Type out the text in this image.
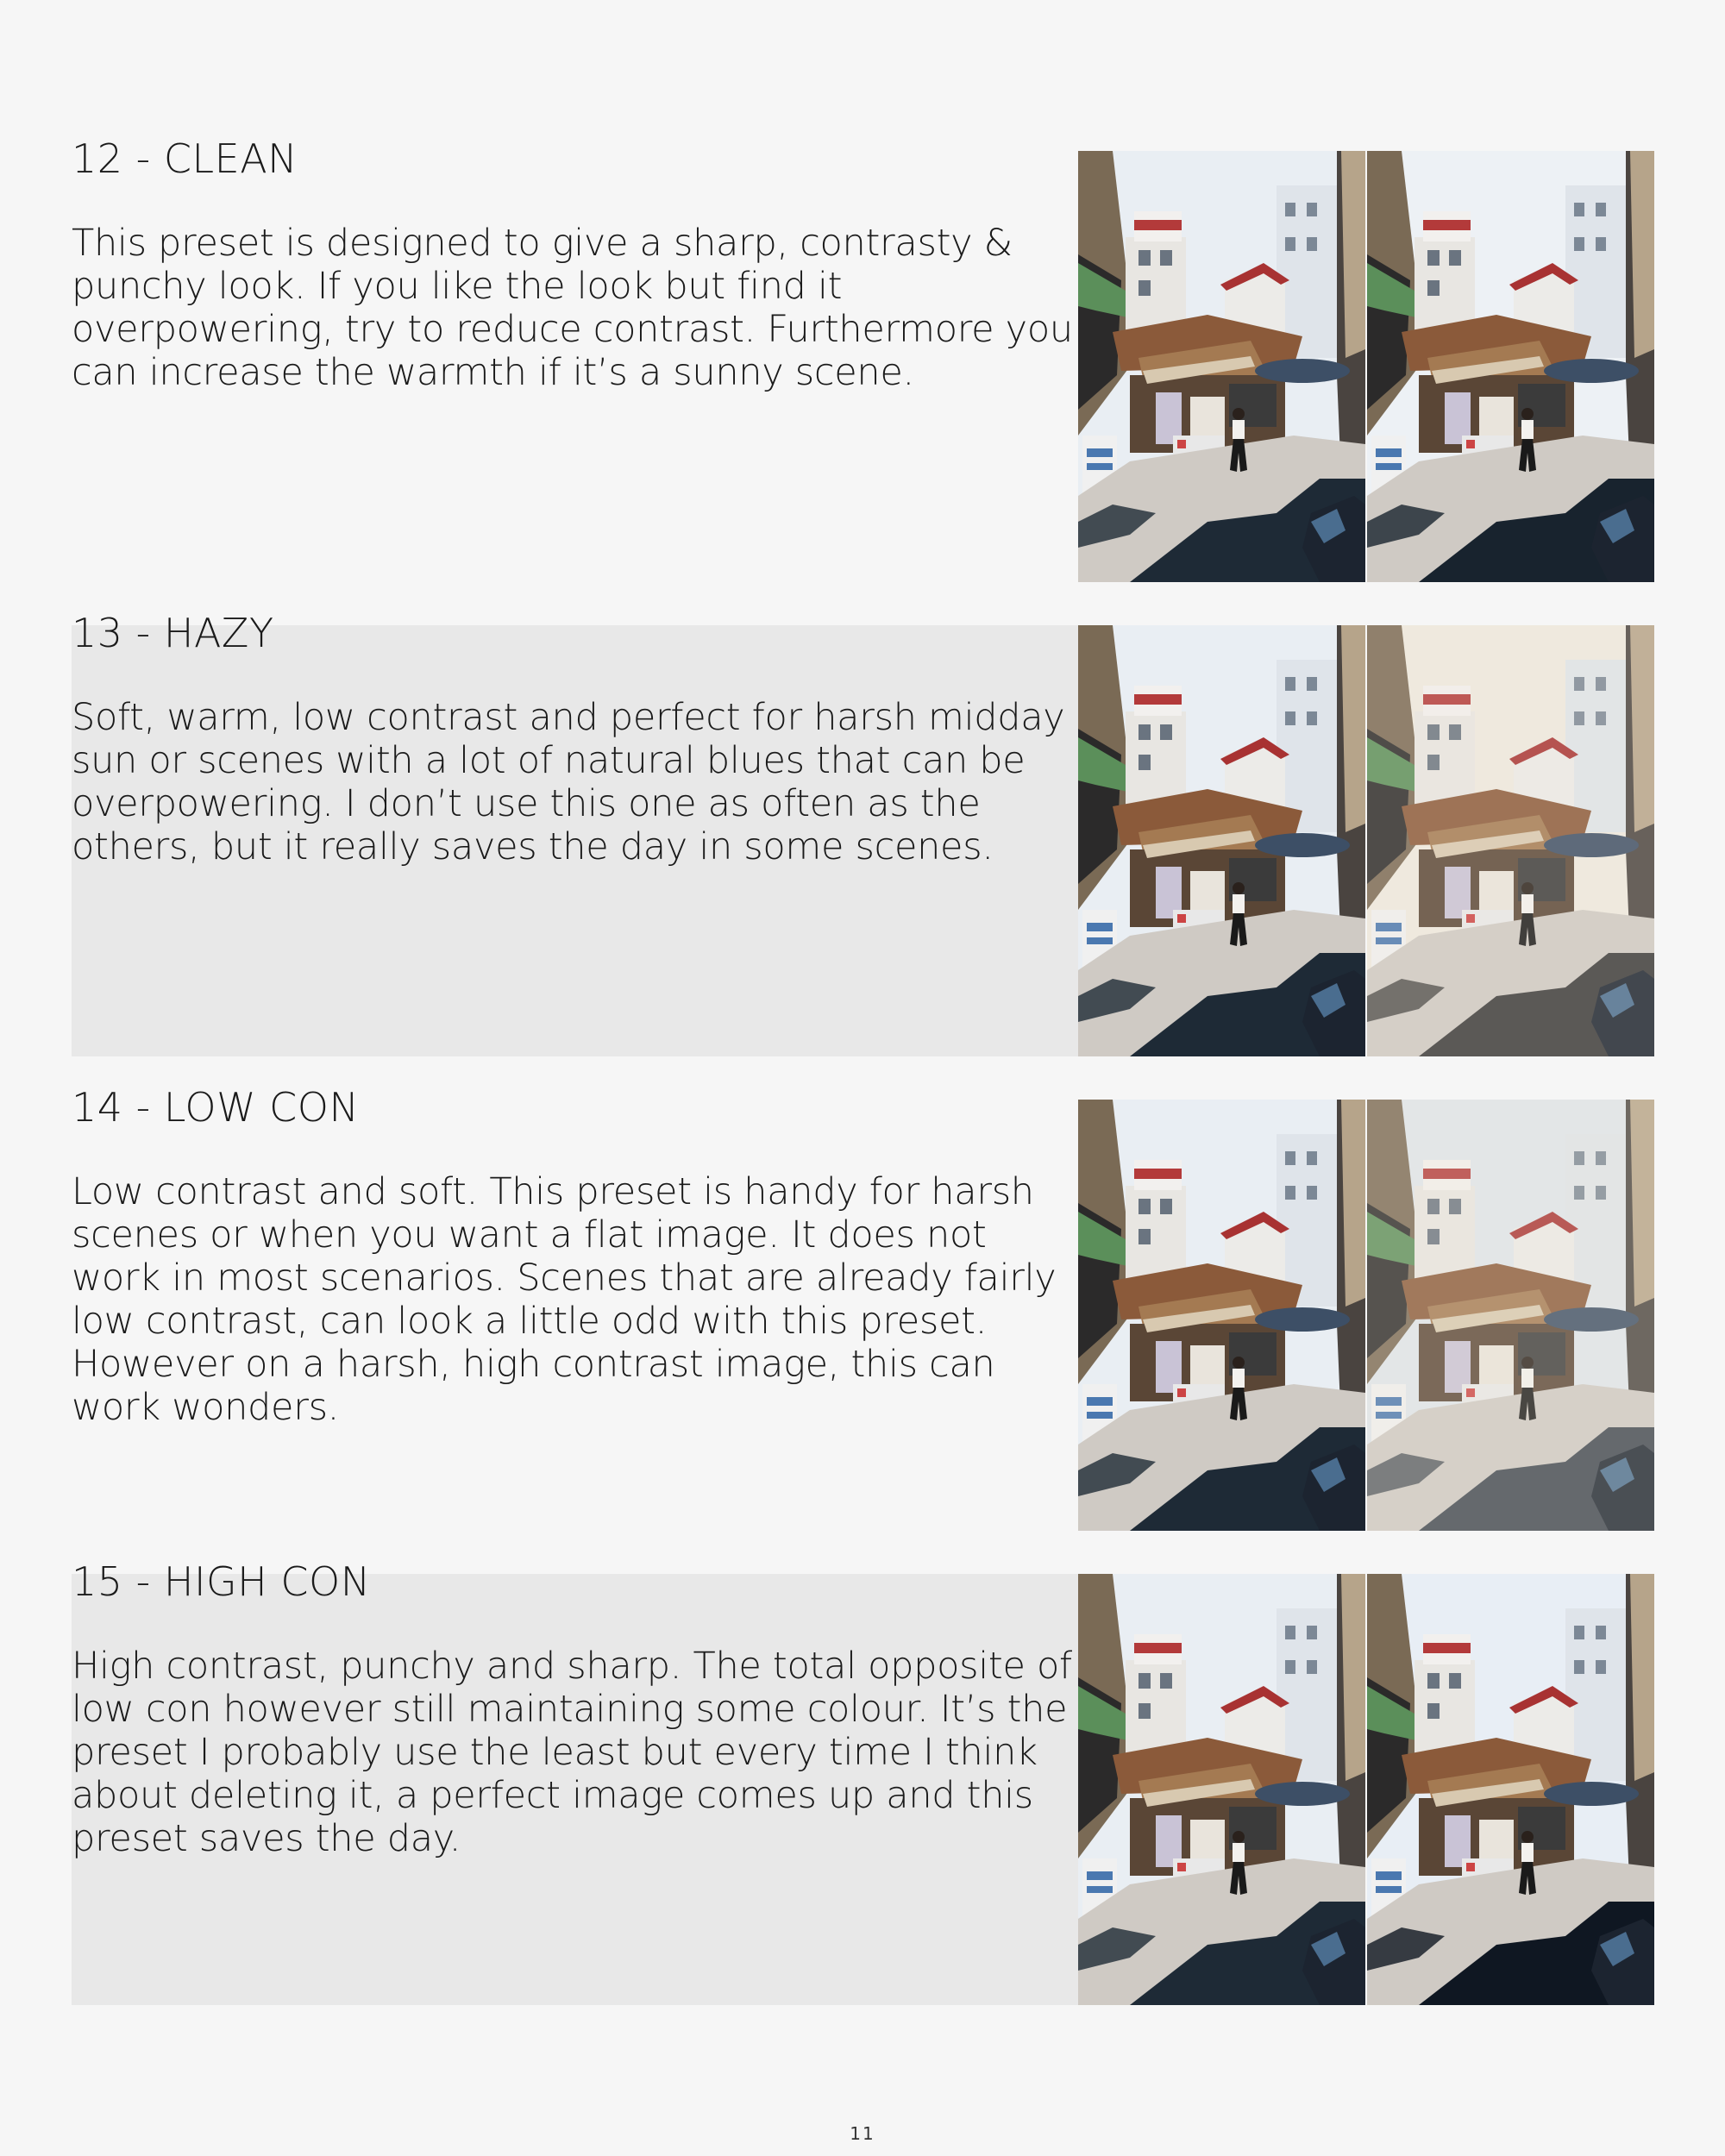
12 - CLEAN
This preset is designed to give a sharp, contrasty & punchy look. If you like the look but find it overpowering, try to reduce contrast. Furthermore you can increase the warmth if it’s a sunny scene.
13 - HAZY
Soft, warm, low contrast and perfect for harsh midday sun or scenes with a lot of natural blues that can be overpowering. I don’t use this one as often as the others, but it really saves the day in some scenes.
14 - LOW CON
Low contrast and soft. This preset is handy for harsh scenes or when you want a flat image. It does not work in most scenarios. Scenes that are already fairly low contrast, can look a little odd with this preset. However on a harsh, high contrast image, this can work wonders.
15 - HIGH CON
High contrast, punchy and sharp. The total opposite of low con however still maintaining some colour. It’s the preset I probably use the least but every time I think about deleting it, a perfect image comes up and this preset saves the day.
11
